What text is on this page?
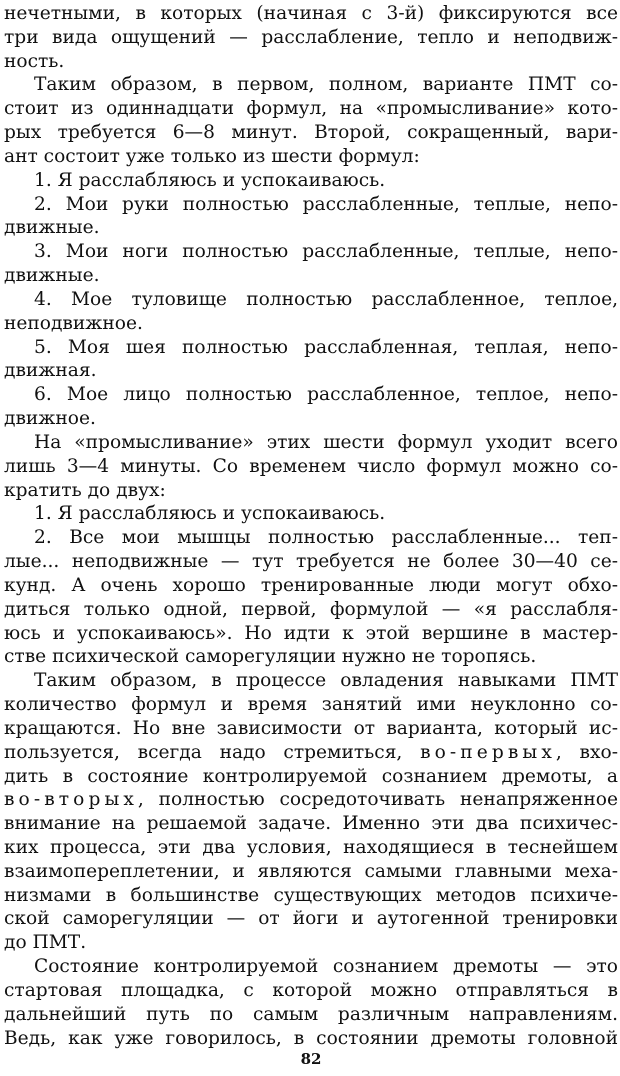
нечетными, в которых (начиная с 3-й) фиксируются все
три вида ощущений — расслабление, тепло и неподвиж-
ность.
Таким образом, в первом, полном, варианте ПМТ со-
стоит из одиннадцати формул, на «промысливание» кото-
рых требуется 6—8 минут. Второй, сокращенный, вари-
ант состоит уже только из шести формул:
1. Я расслабляюсь и успокаиваюсь.
2. Мои руки полностью расслабленные, теплые, непо-
движные.
3. Мои ноги полностью расслабленные, теплые, непо-
движные.
4. Мое туловище полностью расслабленное, теплое,
неподвижное.
5. Моя шея полностью расслабленная, теплая, непо-
движная.
6. Мое лицо полностью расслабленное, теплое, непо-
движное.
На «промысливание» этих шести формул уходит всего
лишь 3—4 минуты. Со временем число формул можно со-
кратить до двух:
1. Я расслабляюсь и успокаиваюсь.
2. Все мои мышцы полностью расслабленные... теп-
лые... неподвижные — тут требуется не более 30—40 се-
кунд. А очень хорошо тренированные люди могут обхо-
диться только одной, первой, формулой — «я расслабля-
юсь и успокаиваюсь». Но идти к этой вершине в мастер-
стве психической саморегуляции нужно не торопясь.
Таким образом, в процессе овладения навыками ПМТ
количество формул и время занятий ими неуклонно со-
кращаются. Но вне зависимости от варианта, который ис-
пользуется, всегда надо стремиться, во-первых, вхо-
дить в состояние контролируемой сознанием дремоты, а
во-вторых, полностью сосредоточивать ненапряженное
внимание на решаемой задаче. Именно эти два психичес-
ких процесса, эти два условия, находящиеся в теснейшем
взаимопереплетении, и являются самыми главными меха-
низмами в большинстве существующих методов психиче-
ской саморегуляции — от йоги и аутогенной тренировки
до ПМТ.
Состояние контролируемой сознанием дремоты — это
стартовая площадка, с которой можно отправляться в
дальнейший путь по самым различным направлениям.
Ведь, как уже говорилось, в состоянии дремоты головной
82
